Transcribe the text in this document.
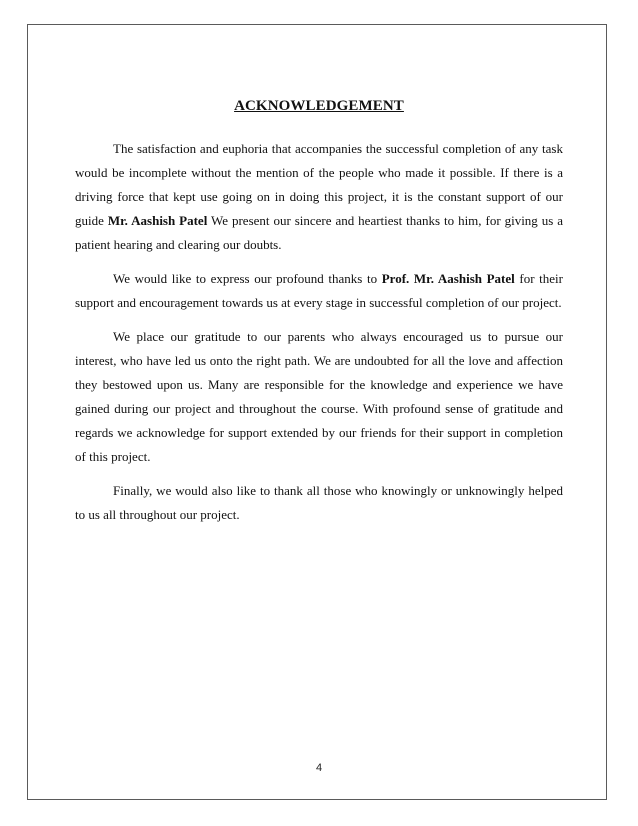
ACKNOWLEDGEMENT

The satisfaction and euphoria that accompanies the successful completion of any task would be incomplete without the mention of the people who made it possible. If there is a driving force that kept use going on in doing this project, it is the constant support of our guide Mr. Aashish Patel We present our sincere and heartiest thanks to him, for giving us a patient hearing and clearing our doubts.

We would like to express our profound thanks to Prof. Mr. Aashish Patel for their support and encouragement towards us at every stage in successful completion of our project.

We place our gratitude to our parents who always encouraged us to pursue our interest, who have led us onto the right path. We are undoubted for all the love and affection they bestowed upon us. Many are responsible for the knowledge and experience we have gained during our project and throughout the course. With profound sense of gratitude and regards we acknowledge for support extended by our friends for their support in completion of this project.

Finally, we would also like to thank all those who knowingly or unknowingly helped to us all throughout our project.

4
